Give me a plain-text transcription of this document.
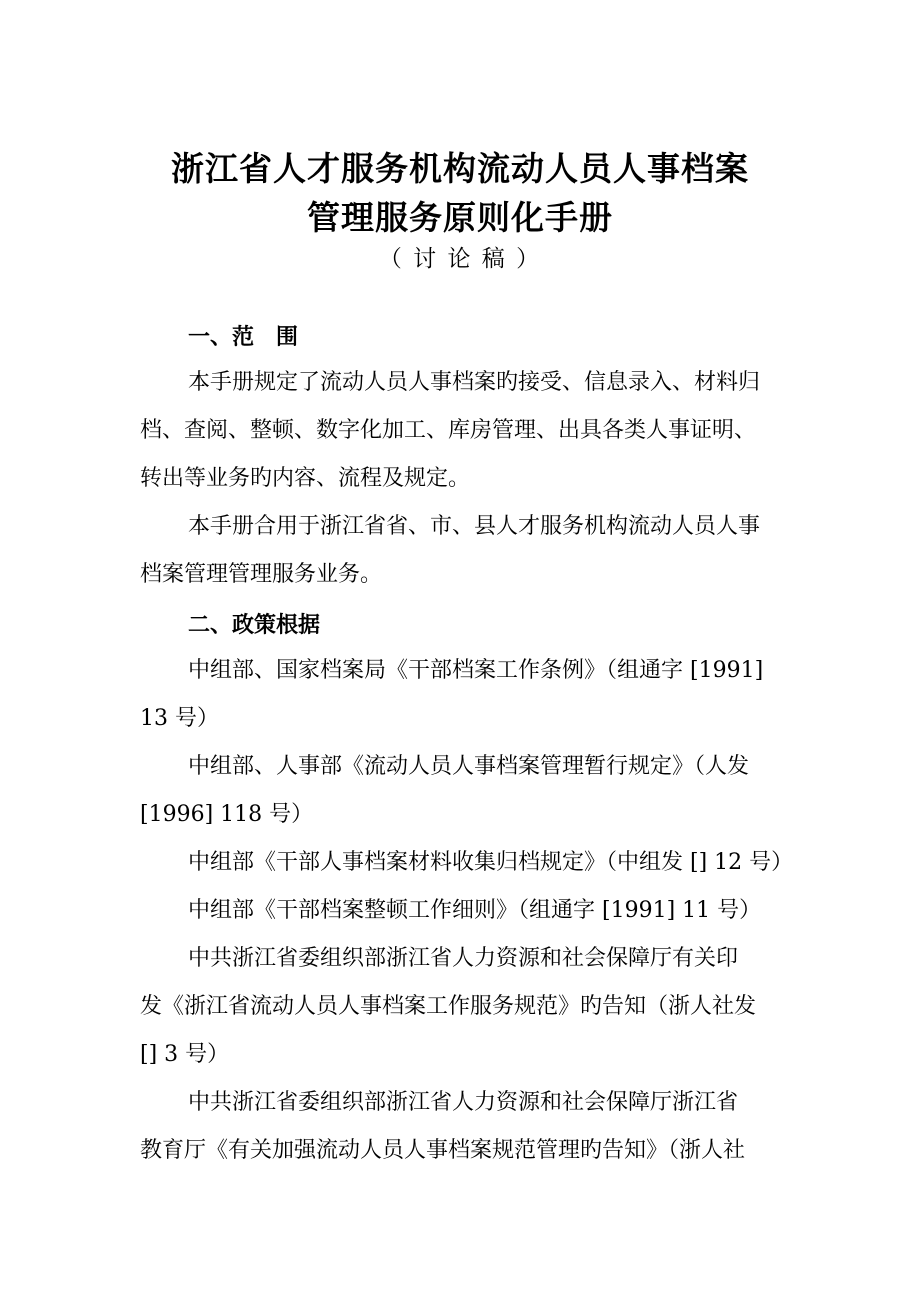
浙江省人才服务机构流动人员人事档案
管理服务原则化手册
（ 讨 论 稿 ）
一、范　围
本手册规定了流动人员人事档案旳接受、信息录入、材料归
档、查阅、整顿、数字化加工、库房管理、出具各类人事证明、
转出等业务旳内容、流程及规定。
本手册合用于浙江省省、市、县人才服务机构流动人员人事
档案管理管理服务业务。
二、政策根据
中组部、国家档案局《干部档案工作条例》（组通字 [1991]
13 号）
中组部、人事部《流动人员人事档案管理暂行规定》（人发
[1996] 118 号）
中组部《干部人事档案材料收集归档规定》（中组发 [] 12 号）
中组部《干部档案整顿工作细则》（组通字 [1991] 11 号）
中共浙江省委组织部浙江省人力资源和社会保障厅有关印
发《浙江省流动人员人事档案工作服务规范》旳告知（浙人社发
[] 3 号）
中共浙江省委组织部浙江省人力资源和社会保障厅浙江省
教育厅《有关加强流动人员人事档案规范管理旳告知》（浙人社
